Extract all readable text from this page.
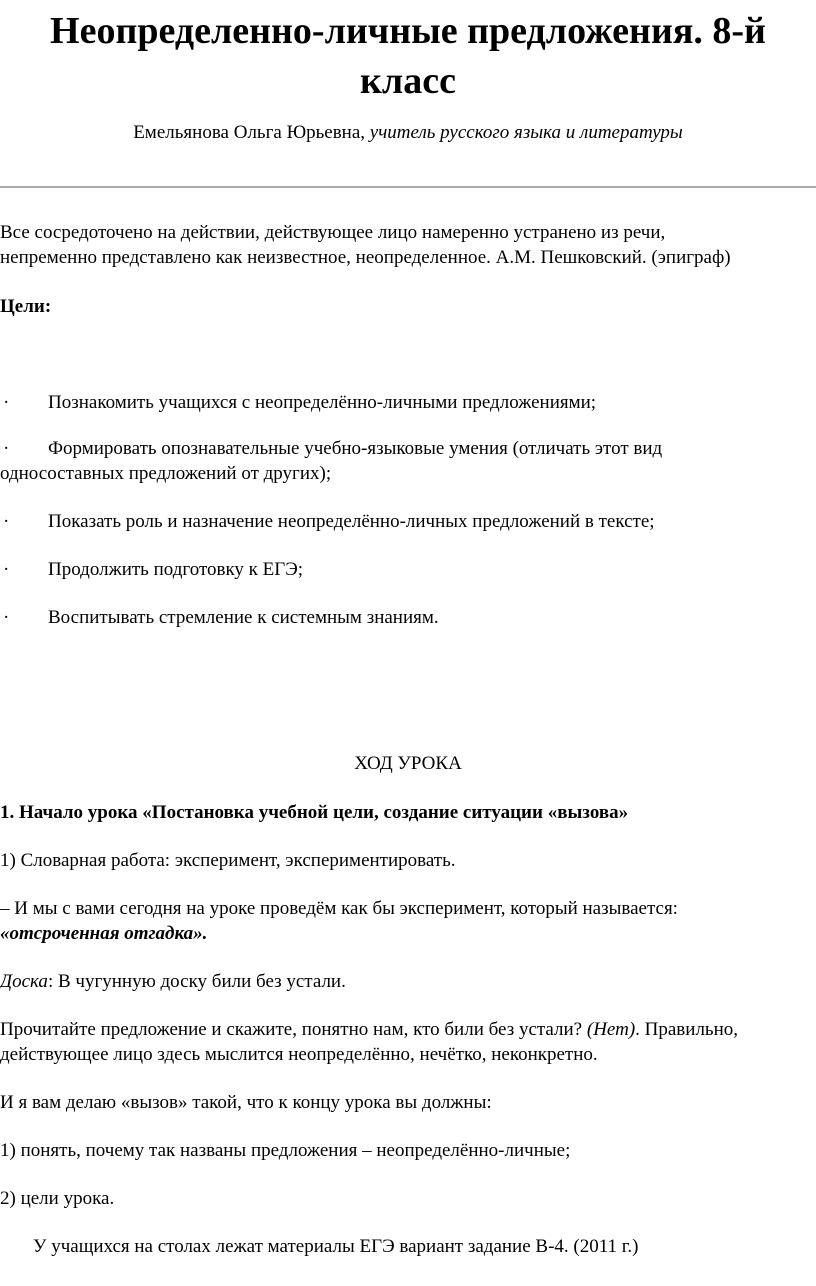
Неопределенно-личные предложения. 8-й
класс
Емельянова Ольга Юрьевна, учитель русского языка и литературы

Все сосредоточено на действии, действующее лицо намеренно устранено из речи,

непременно представлено как неизвестное, неопределенное. А.М. Пешковский. (эпиграф)

Цели:

· Познакомить учащихся с неопределённо-личными предложениями;
· Формировать опознавательные учебно-языковые умения (отличать этот вид

односоставных предложений от других);

· Показать роль и назначение неопределённо-личных предложений в тексте;
· Продолжить подготовку к ЕГЭ;
· Воспитывать стремление к системным знаниям.

ХОД УРОКА

1. Начало урока «Постановка учебной цели, создание ситуации «вызова»

1) Словарная работа: эксперимент, экспериментировать.

– И мы с вами сегодня на уроке проведём как бы эксперимент, который называется:

«отсроченная отгадка».

Доска: В чугунную доску били без устали.

Прочитайте предложение и скажите, понятно нам, кто били без устали? (Нет). Правильно,

действующее лицо здесь мыслится неопределённо, нечётко, неконкретно.

И я вам делаю «вызов» такой, что к концу урока вы должны:

1) понять, почему так названы предложения – неопределённо-личные;

2) цели урока.

У учащихся на столах лежат материалы ЕГЭ вариант задание В-4. (2011 г.)
